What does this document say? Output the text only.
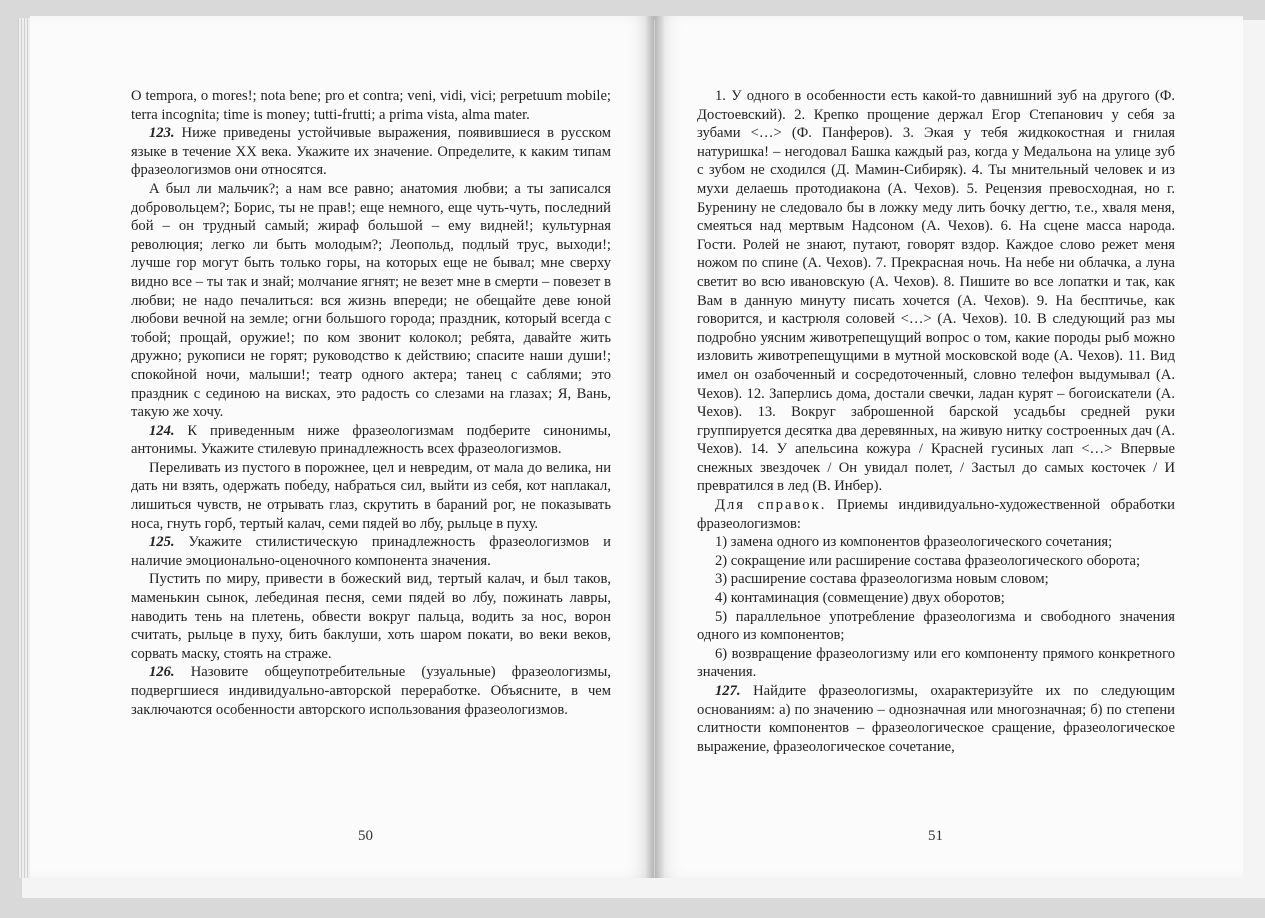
O tempora, o mores!; nota bene; pro et contra; veni, vidi, vici; perpetuum mobile; terra incognita; time is money; tutti-frutti; a prima vista, alma mater.

123. Ниже приведены устойчивые выражения, появившиеся в русском языке в течение XX века. Укажите их значение. Определите, к каким типам фразеологизмов они относятся.

А был ли мальчик?; а нам все равно; анатомия любви; а ты записался добровольцем?; Борис, ты не прав!; еще немного, еще чуть-чуть, последний бой – он трудный самый; жираф большой – ему видней!; культурная революция; легко ли быть молодым?; Леопольд, подлый трус, выходи!; лучше гор могут быть только горы, на которых еще не бывал; мне сверху видно все – ты так и знай; молчание ягнят; не везет мне в смерти – повезет в любви; не надо печалиться: вся жизнь впереди; не обещайте деве юной любови вечной на земле; огни большого города; праздник, который всегда с тобой; прощай, оружие!; по ком звонит колокол; ребята, давайте жить дружно; рукописи не горят; руководство к действию; спасите наши души!; спокойной ночи, малыши!; театр одного актера; танец с саблями; это праздник с сединою на висках, это радость со слезами на глазах; Я, Вань, такую же хочу.

124. К приведенным ниже фразеологизмам подберите синонимы, антонимы. Укажите стилевую принадлежность всех фразеологизмов.

Переливать из пустого в порожнее, цел и невредим, от мала до велика, ни дать ни взять, одержать победу, набраться сил, выйти из себя, кот наплакал, лишиться чувств, не отрывать глаз, скрутить в бараний рог, не показывать носа, гнуть горб, тертый калач, семи пядей во лбу, рыльце в пуху.

125. Укажите стилистическую принадлежность фразеологизмов и наличие эмоционально-оценочного компонента значения.

Пустить по миру, привести в божеский вид, тертый калач, и был таков, маменькин сынок, лебединая песня, семи пядей во лбу, пожинать лавры, наводить тень на плетень, обвести вокруг пальца, водить за нос, ворон считать, рыльце в пуху, бить баклуши, хоть шаром покати, во веки веков, сорвать маску, стоять на страже.

126. Назовите общеупотребительные (узуальные) фразеологизмы, подвергшиеся индивидуально-авторской переработке. Объясните, в чем заключаются особенности авторского использования фразеологизмов.

1. У одного в особенности есть какой-то давнишний зуб на другого (Ф. Достоевский). 2. Крепко прощение держал Егор Степанович у себя за зубами <…> (Ф. Панферов). 3. Экая у тебя жидкокостная и гнилая натуришка! – негодовал Башка каждый раз, когда у Медальона на улице зуб с зубом не сходился (Д. Мамин-Сибиряк). 4. Ты мнительный человек и из мухи делаешь протодиакона (А. Чехов). 5. Рецензия превосходная, но г. Буренину не следовало бы в ложку меду лить бочку дегтю, т.е., хваля меня, смеяться над мертвым Надсоном (А. Чехов). 6. На сцене масса народа. Гости. Ролей не знают, путают, говорят вздор. Каждое слово режет меня ножом по спине (А. Чехов). 7. Прекрасная ночь. На небе ни облачка, а луна светит во всю ивановскую (А. Чехов). 8. Пишите во все лопатки и так, как Вам в данную минуту писать хочется (А. Чехов). 9. На бесптичье, как говорится, и кастрюля соловей <…> (А. Чехов). 10. В следующий раз мы подробно уясним животрепещущий вопрос о том, какие породы рыб можно изловить животрепещущими в мутной московской воде (А. Чехов). 11. Вид имел он озабоченный и сосредоточенный, словно телефон выдумывал (А. Чехов). 12. Заперлись дома, достали свечки, ладан курят – богоискатели (А. Чехов). 13. Вокруг заброшенной барской усадьбы средней руки группируется десятка два деревянных, на живую нитку состроенных дач (А. Чехов). 14. У апельсина кожура / Красней гусиных лап <…> Впервые снежных звездочек / Он увидал полет, / Застыл до самых косточек / И превратился в лед (В. Инбер).

Для справок. Приемы индивидуально-художественной обработки фразеологизмов:

1) замена одного из компонентов фразеологического сочетания;

2) сокращение или расширение состава фразеологического оборота;

3) расширение состава фразеологизма новым словом;

4) контаминация (совмещение) двух оборотов;

5) параллельное употребление фразеологизма и свободного значения одного из компонентов;

6) возвращение фразеологизму или его компоненту прямого конкретного значения.

127. Найдите фразеологизмы, охарактеризуйте их по следующим основаниям: а) по значению – однозначная или многозначная; б) по степени слитности компонентов – фразеологическое сращение, фразеологическое выражение, фразеологическое сочетание,

50	51
